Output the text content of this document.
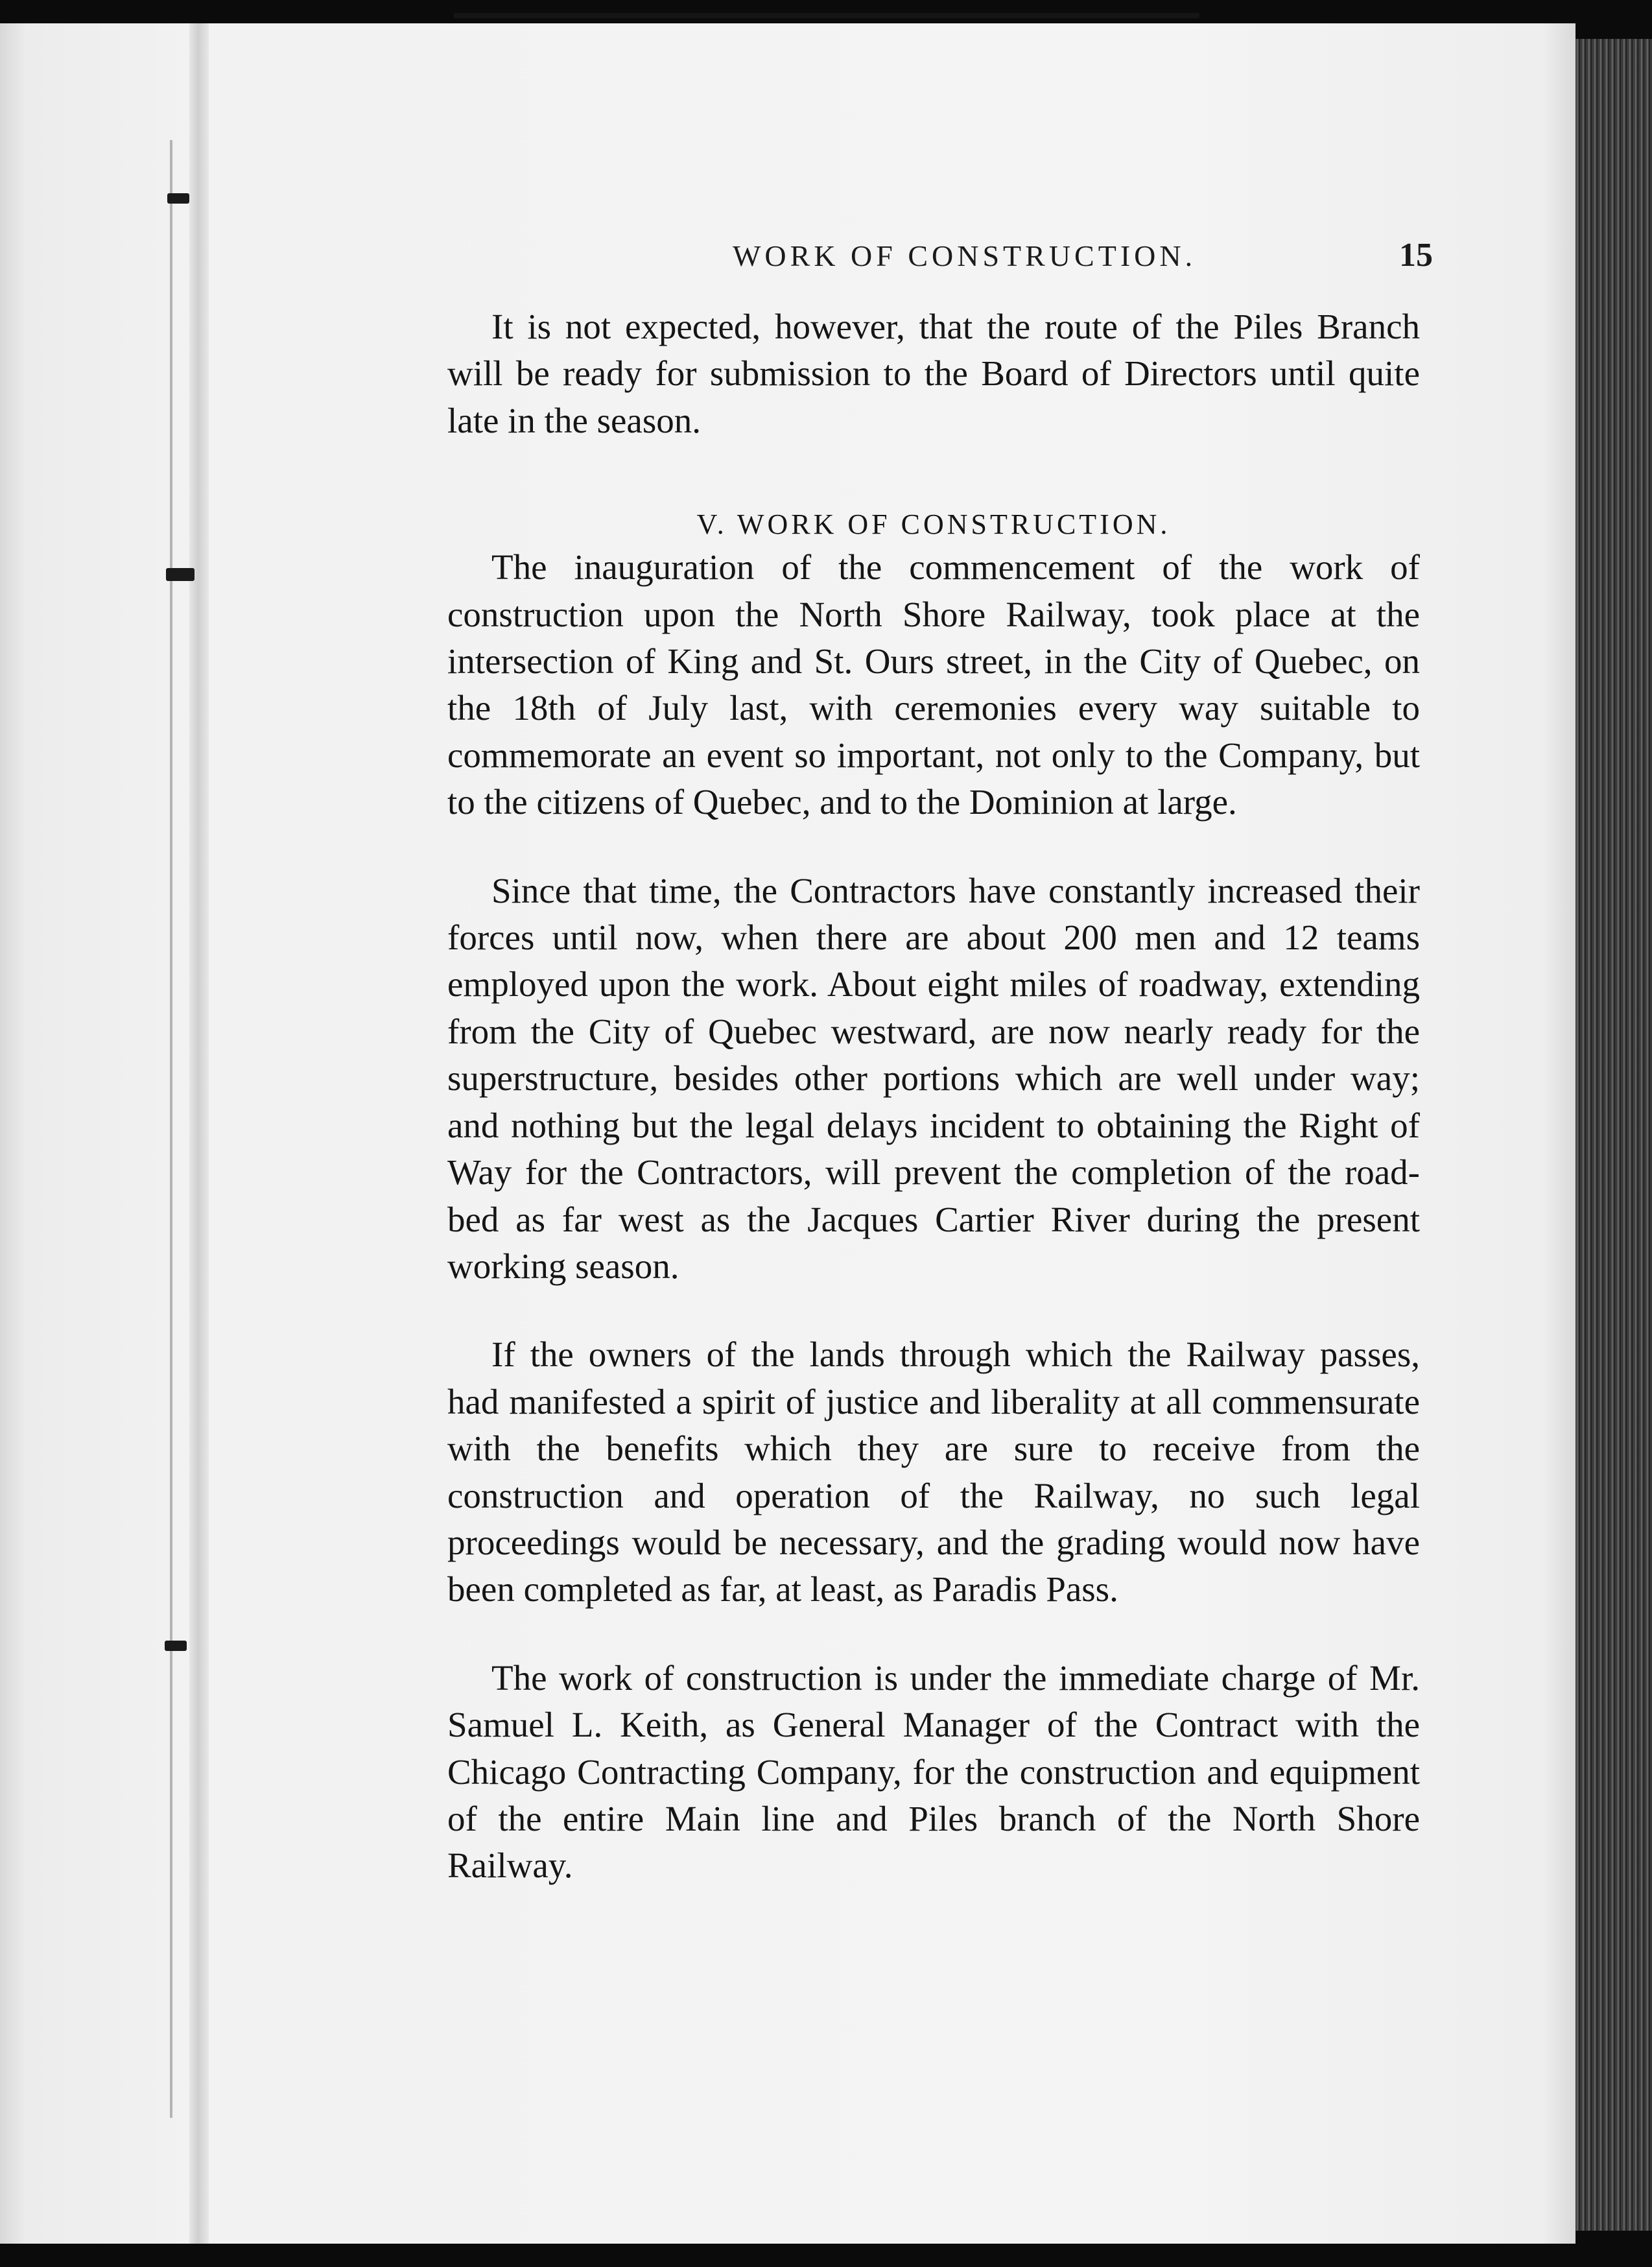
WORK OF CONSTRUCTION.	15

It is not expected, however, that the route of the Piles Branch will be ready for submission to the Board of Directors until quite late in the season.

V. WORK OF CONSTRUCTION.

The inauguration of the commencement of the work of construction upon the North Shore Railway, took place at the intersection of King and St. Ours street, in the City of Quebec, on the 18th of July last, with ceremonies every way suitable to commemorate an event so important, not only to the Company, but to the citizens of Quebec, and to the Dominion at large.

Since that time, the Contractors have constantly increased their forces until now, when there are about 200 men and 12 teams employed upon the work. About eight miles of roadway, extending from the City of Quebec westward, are now nearly ready for the superstructure, besides other portions which are well under way; and nothing but the legal delays incident to obtaining the Right of Way for the Contractors, will prevent the completion of the road-bed as far west as the Jacques Cartier River during the present working season.

If the owners of the lands through which the Railway passes, had manifested a spirit of justice and liberality at all commensurate with the benefits which they are sure to receive from the construction and operation of the Railway, no such legal proceedings would be necessary, and the grading would now have been completed as far, at least, as Paradis Pass.

The work of construction is under the immediate charge of Mr. Samuel L. Keith, as General Manager of the Contract with the Chicago Contracting Company, for the construction and equipment of the entire Main line and Piles branch of the North Shore Railway.
